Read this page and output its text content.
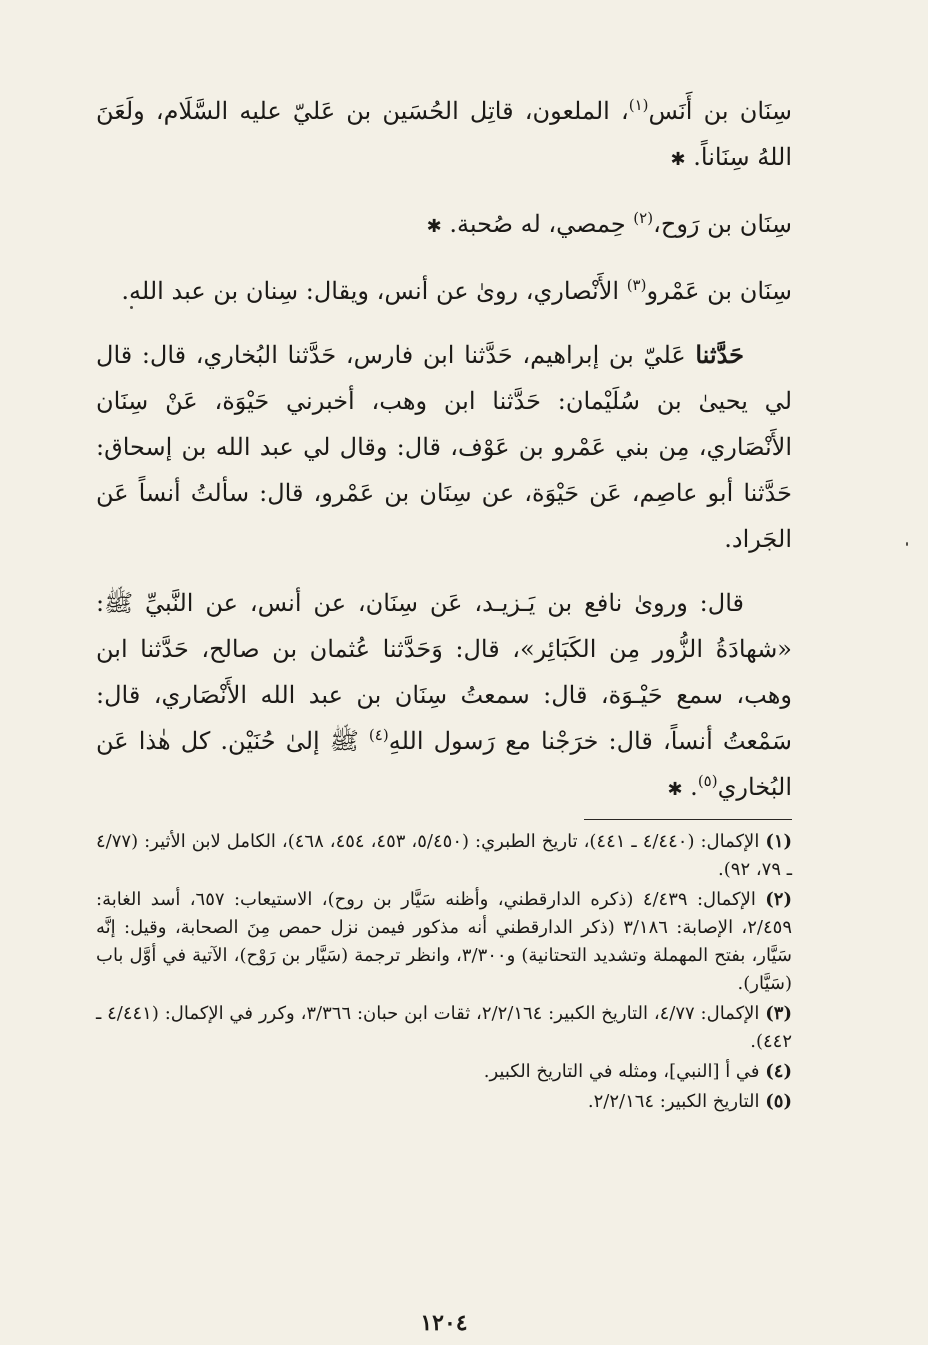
سِنَان بن أَنَس$^{(١)}$، الملعون، قاتِل الحُسَين بن عَليّ عليه السَّلَام، ولَعَنَ اللهُ سِنَاناً. ✱

سِنَان بن رَوح،$^{(٢)}$ حِمصي، له صُحبة. ✱

سِنَان بن عَمْرو$^{(٣)}$ الأَنْصاري، روىٰ عن أنس، ويقال: سِنان بن عبد الله.

حَدَّثنا عَليّ بن إبراهيم، حَدَّثنا ابن فارس، حَدَّثنا البُخاري، قال: قال لي يحيىٰ بن سُلَيْمان: حَدَّثنا ابن وهب، أخبرني حَيْوَة، عَنْ سِنَان الأَنْصَاري، مِن بني عَمْرو بن عَوْف، قال: وقال لي عبد الله بن إسحاق: حَدَّثنا أبو عاصِم، عَن حَيْوَة، عن سِنَان بن عَمْرو، قال: سألتُ أنساً عَن الجَراد.

قال: وروىٰ نافع بن يَـزيـد، عَن سِنَان، عن أنس، عن النَّبيِّ ﷺ: «شهادَةُ الزُّور مِن الكَبَائِر»، قال: وَحَدَّثنا عُثمان بن صالح، حَدَّثنا ابن وهب، سمع حَيْـوَة، قال: سمعتُ سِنَان بن عبد الله الأَنْصَاري، قال: سَمْعتُ أنساً، قال: خرَجْنا مع رَسول اللهِ$^{(٤)}$ ﷺ إلىٰ حُنَيْن. كل هٰذا عَن البُخاري$^{(٥)}$. ✱

(١) الإكمال: (٤/٤٤٠ ـ ٤٤١)، تاريخ الطبري: (٥/٤٥٠، ٤٥٣، ٤٥٤، ٤٦٨)، الكامل لابن الأثير: (٤/٧٧ ـ ٧٩، ٩٢).

(٢) الإكمال: ٤/٤٣٩ (ذكره الدارقطني، وأظنه سَيَّار بن روح)، الاستيعاب: ٦٥٧، أسد الغابة: ٢/٤٥٩، الإصابة: ٣/١٨٦ (ذكر الدارقطني أنه مذكور فيمن نزل حمص مِنَ الصحابة، وقيل: إنَّه سَيَّار، بفتح المهملة وتشديد التحتانية) و٣/٣٠٠، وانظر ترجمة (سَيَّار بن رَوْح)، الآتية في أوَّل باب (سَيَّار).

(٣) الإكمال: ٤/٧٧، التاريخ الكبير: ٢/٢/١٦٤، ثقات ابن حبان: ٣/٣٦٦، وكرر في الإكمال: (٤/٤٤١ ـ ٤٤٢).

(٤) في أ [النبي]، ومثله في التاريخ الكبير.

(٥) التاريخ الكبير: ٢/٢/١٦٤.

١٢٠٤
